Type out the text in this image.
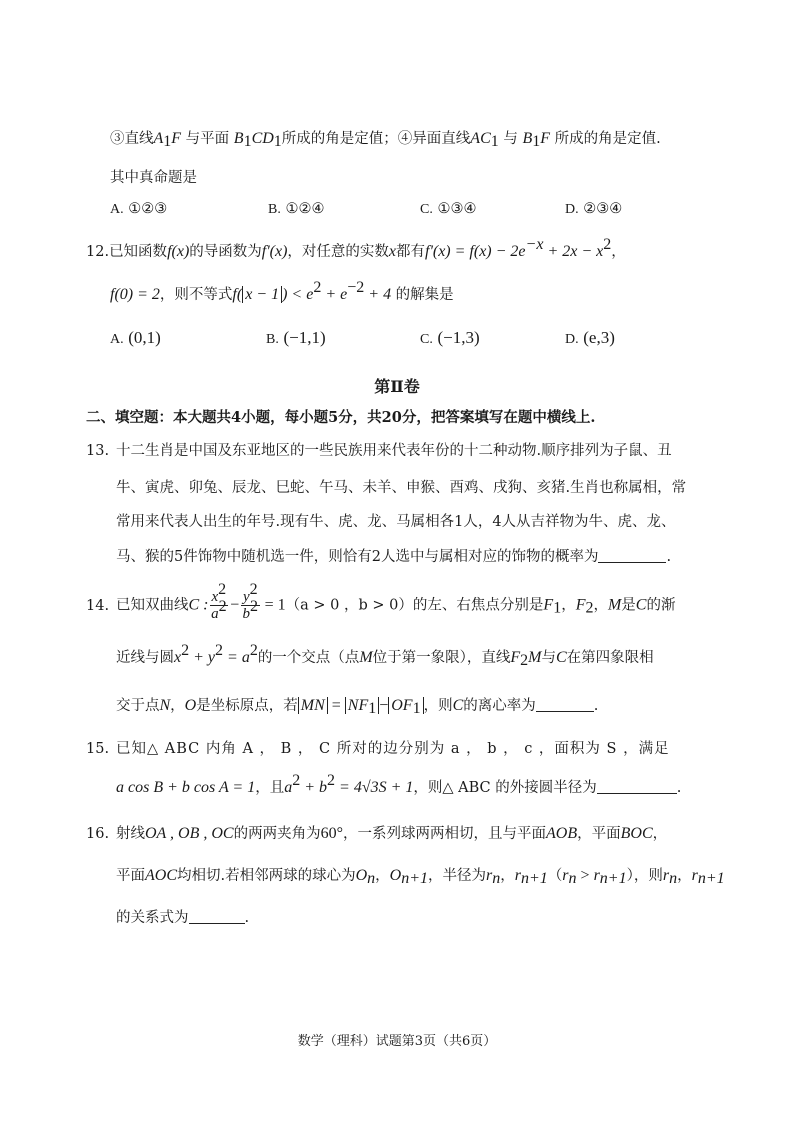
③直线$A_1F$ 与平面 $B_1CD_1$所成的角是定值；④异面直线$AC_1$ 与 $B_1F$ 所成的角是定值.
其中真命题是
A. ①②③	B. ①②④	C. ①③④	D. ②③④
12.已知函数f(x)的导函数为f'(x)，对任意的实数x都有$f'(x) = f(x) - 2e^{-x} + 2x - x^2$，
f(0) = 2，则不等式f( x − 1 ) < $e^2 + e^{-2} + 4$ 的解集是
A. (0,1)	B. (−1,1)	C. (−1,3)	D. (e,3)
第Ⅱ卷
二、填空题：本大题共4小题，每小题5分，共20分，把答案填写在题中横线上.
13. 十二生肖是中国及东亚地区的一些民族用来代表年份的十二种动物.顺序排列为子鼠、丑
牛、寅虎、卯兔、辰龙、巳蛇、午马、未羊、申猴、酉鸡、戌狗、亥猪.生肖也称属相，常
常用来代表人出生的年号.现有牛、虎、龙、马属相各1人，4人从吉祥物为牛、虎、龙、
马、猴的5件饰物中随机选一件，则恰有2人选中与属相对应的饰物的概率为	.
14. 已知双曲线C : $\frac{x^2}{a^2} - \frac{y^2}{b^2} = 1(a > 0$ ，b > 0）的左、右焦点分别是$F_1$，$F_2$，M是C的渐
近线与圆$x^2 + y^2 = a^2$的一个交点（点M位于第一象限），直线$F_2M$与C在第四象限相
交于点N，O是坐标原点，若 MN = $NF_1 - OF_1$ ，则C的离心率为	.
15. 已知△ ABC 内角 A ， B ， C 所对的边分别为 a ， b ， c ，面积为 S ，满足
a cos B + b cos A = 1，且$a^2 + b^2 = 4√3S + 1$，则△ ABC 的外接圆半径为	.
16. 射线OA , OB , OC的两两夹角为60°，一系列球两两相切，且与平面AOB，平面BOC，
平面AOC均相切.若相邻两球的球心为$O_n$，$O_{n+1}$，半径为$r_n$，$r_{n+1}(r_n > r_{n+1})$，则$r_n$，$r_{n+1}$
的关系式为	.
数学（理科）试题第3页（共6页）
